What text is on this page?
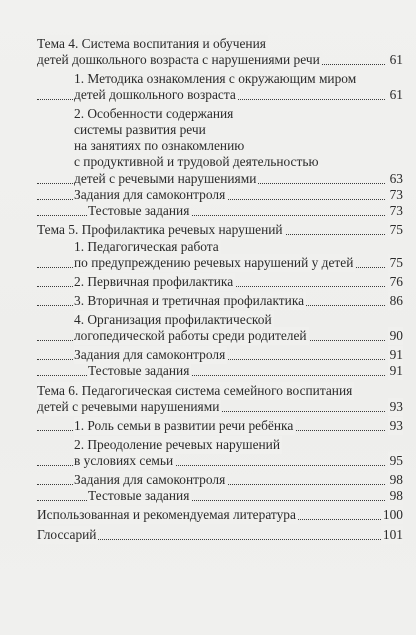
Тема 4. Система воспитания и обучения
детей дошкольного возраста с нарушениями речи	61
1. Методика ознакомления с окружающим миром
детей дошкольного возраста	61
2. Особенности содержания
системы развития речи
на занятиях по ознакомлению
с продуктивной и трудовой деятельностью
детей с речевыми нарушениями	63
Задания для самоконтроля	73
Тестовые задания	73
Тема 5. Профилактика речевых нарушений	75
1. Педагогическая работа
по предупреждению речевых нарушений у детей	75
2. Первичная профилактика	76
3. Вторичная и третичная профилактика	86
4. Организация профилактической
логопедической работы среди родителей	90
Задания для самоконтроля	91
Тестовые задания	91
Тема 6. Педагогическая система семейного воспитания
детей с речевыми нарушениями	93
1. Роль семьи в развитии речи ребёнка	93
2. Преодоление речевых нарушений
в условиях семьи	95
Задания для самоконтроля	98
Тестовые задания	98
Использованная и рекомендуемая литература	100
Глоссарий	101
